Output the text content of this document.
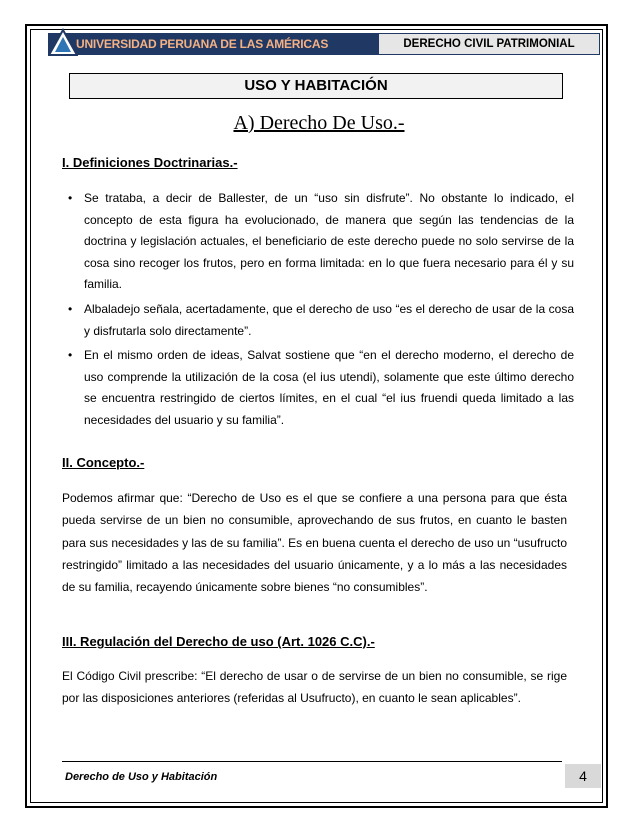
UNIVERSIDAD PERUANA DE LAS AMÉRICAS	DERECHO CIVIL PATRIMONIAL
USO Y HABITACIÓN
A) Derecho De Uso.-
I. Definiciones Doctrinarias.-
• Se trataba, a decir de Ballester, de un “uso sin disfrute”. No obstante lo indicado, el concepto de esta figura ha evolucionado, de manera que según las tendencias de la doctrina y legislación actuales, el beneficiario de este derecho puede no solo servirse de la cosa sino recoger los frutos, pero en forma limitada: en lo que fuera necesario para él y su familia.
• Albaladejo señala, acertadamente, que el derecho de uso “es el derecho de usar de la cosa y disfrutarla solo directamente”.
• En el mismo orden de ideas, Salvat sostiene que “en el derecho moderno, el derecho de uso comprende la utilización de la cosa (el ius utendi), solamente que este último derecho se encuentra restringido de ciertos límites, en el cual “el ius fruendi queda limitado a las necesidades del usuario y su familia”.
II. Concepto.-

Podemos afirmar que: “Derecho de Uso es el que se confiere a una persona para que ésta pueda servirse de un bien no consumible, aprovechando de sus frutos, en cuanto le basten para sus necesidades y las de su familia”. Es en buena cuenta el derecho de uso un “usufructo restringido” limitado a las necesidades del usuario únicamente, y a lo más a las necesidades de su familia, recayendo únicamente sobre bienes “no consumibles”.

III. Regulación del Derecho de uso (Art. 1026 C.C).-

El Código Civil prescribe: “El derecho de usar o de servirse de un bien no consumible, se rige por las disposiciones anteriores (referidas al Usufructo), en cuanto le sean aplicables”.

Derecho de Uso y Habitación	4
